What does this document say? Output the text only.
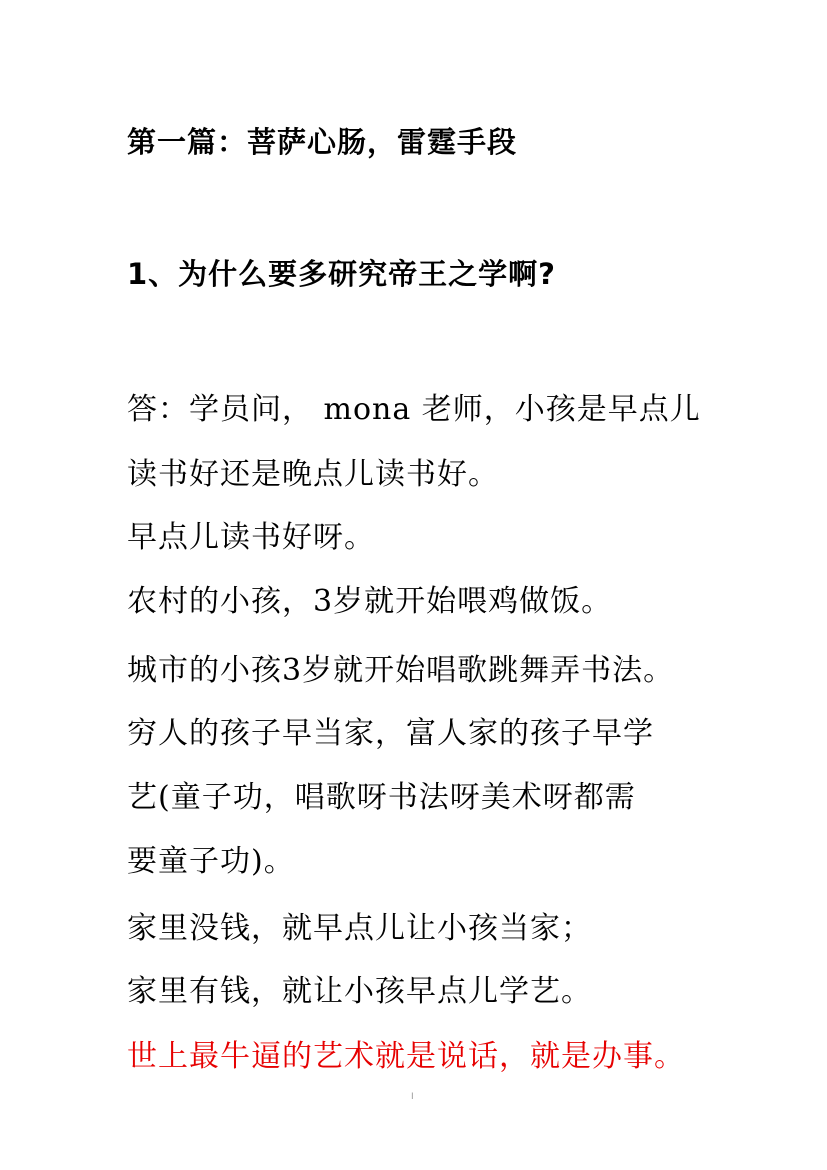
第一篇：菩萨心肠，雷霆手段
1、为什么要多研究帝王之学啊?

答：学员问， mona 老师，小孩是早点儿

读书好还是晚点儿读书好。

早点儿读书好呀。

农村的小孩，3岁就开始喂鸡做饭。

城市的小孩3岁就开始唱歌跳舞弄书法。

穷人的孩子早当家，富人家的孩子早学

艺(童子功，唱歌呀书法呀美术呀都需

要童子功)。

家里没钱，就早点儿让小孩当家；

家里有钱，就让小孩早点儿学艺。

世上最牛逼的艺术就是说话，就是办事。

I
